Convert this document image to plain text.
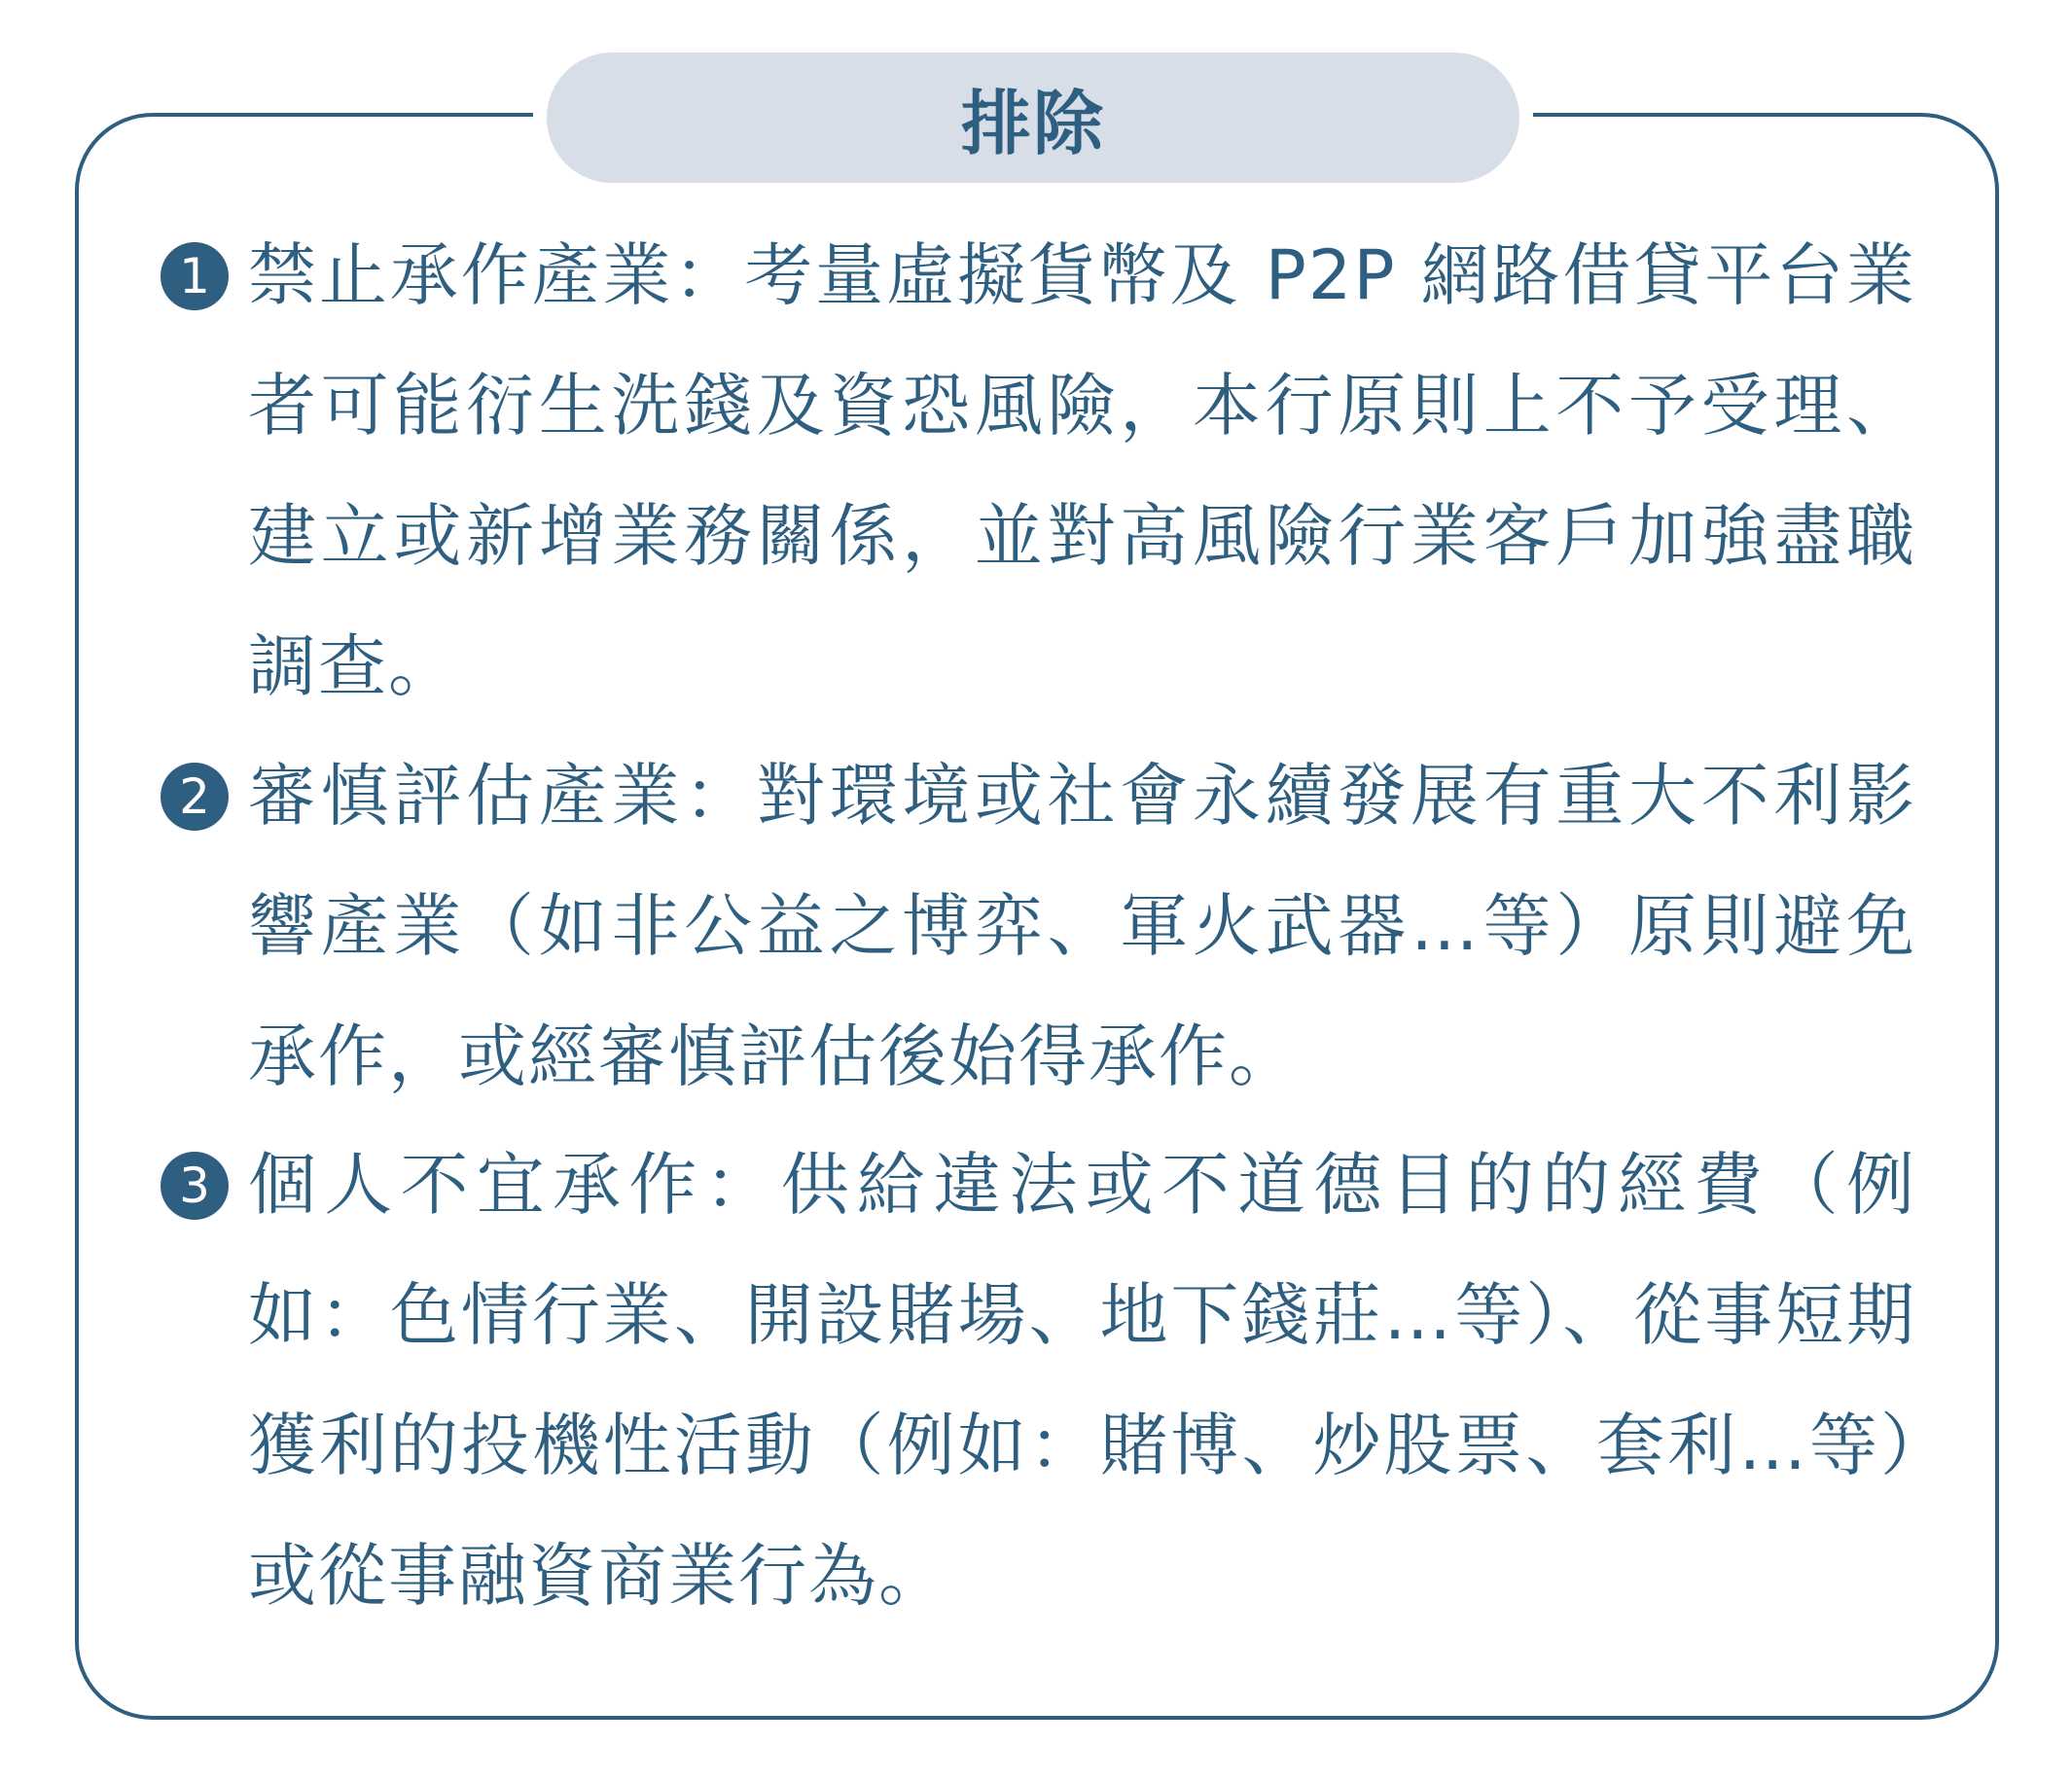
排除
1 禁止承作產業：考量虛擬貨幣及 P2P 網路借貸平台業者可能衍生洗錢及資恐風險，本行原則上不予受理、建立或新增業務關係，並對高風險行業客戶加強盡職調查。
2 審慎評估產業：對環境或社會永續發展有重大不利影響產業（如非公益之博弈、軍火武器…等）原則避免承作，或經審慎評估後始得承作。
3 個人不宜承作：供給違法或不道德目的的經費（例如：色情行業、開設賭場、地下錢莊…等）、從事短期獲利的投機性活動（例如：賭博、炒股票、套利…等）或從事融資商業行為。
